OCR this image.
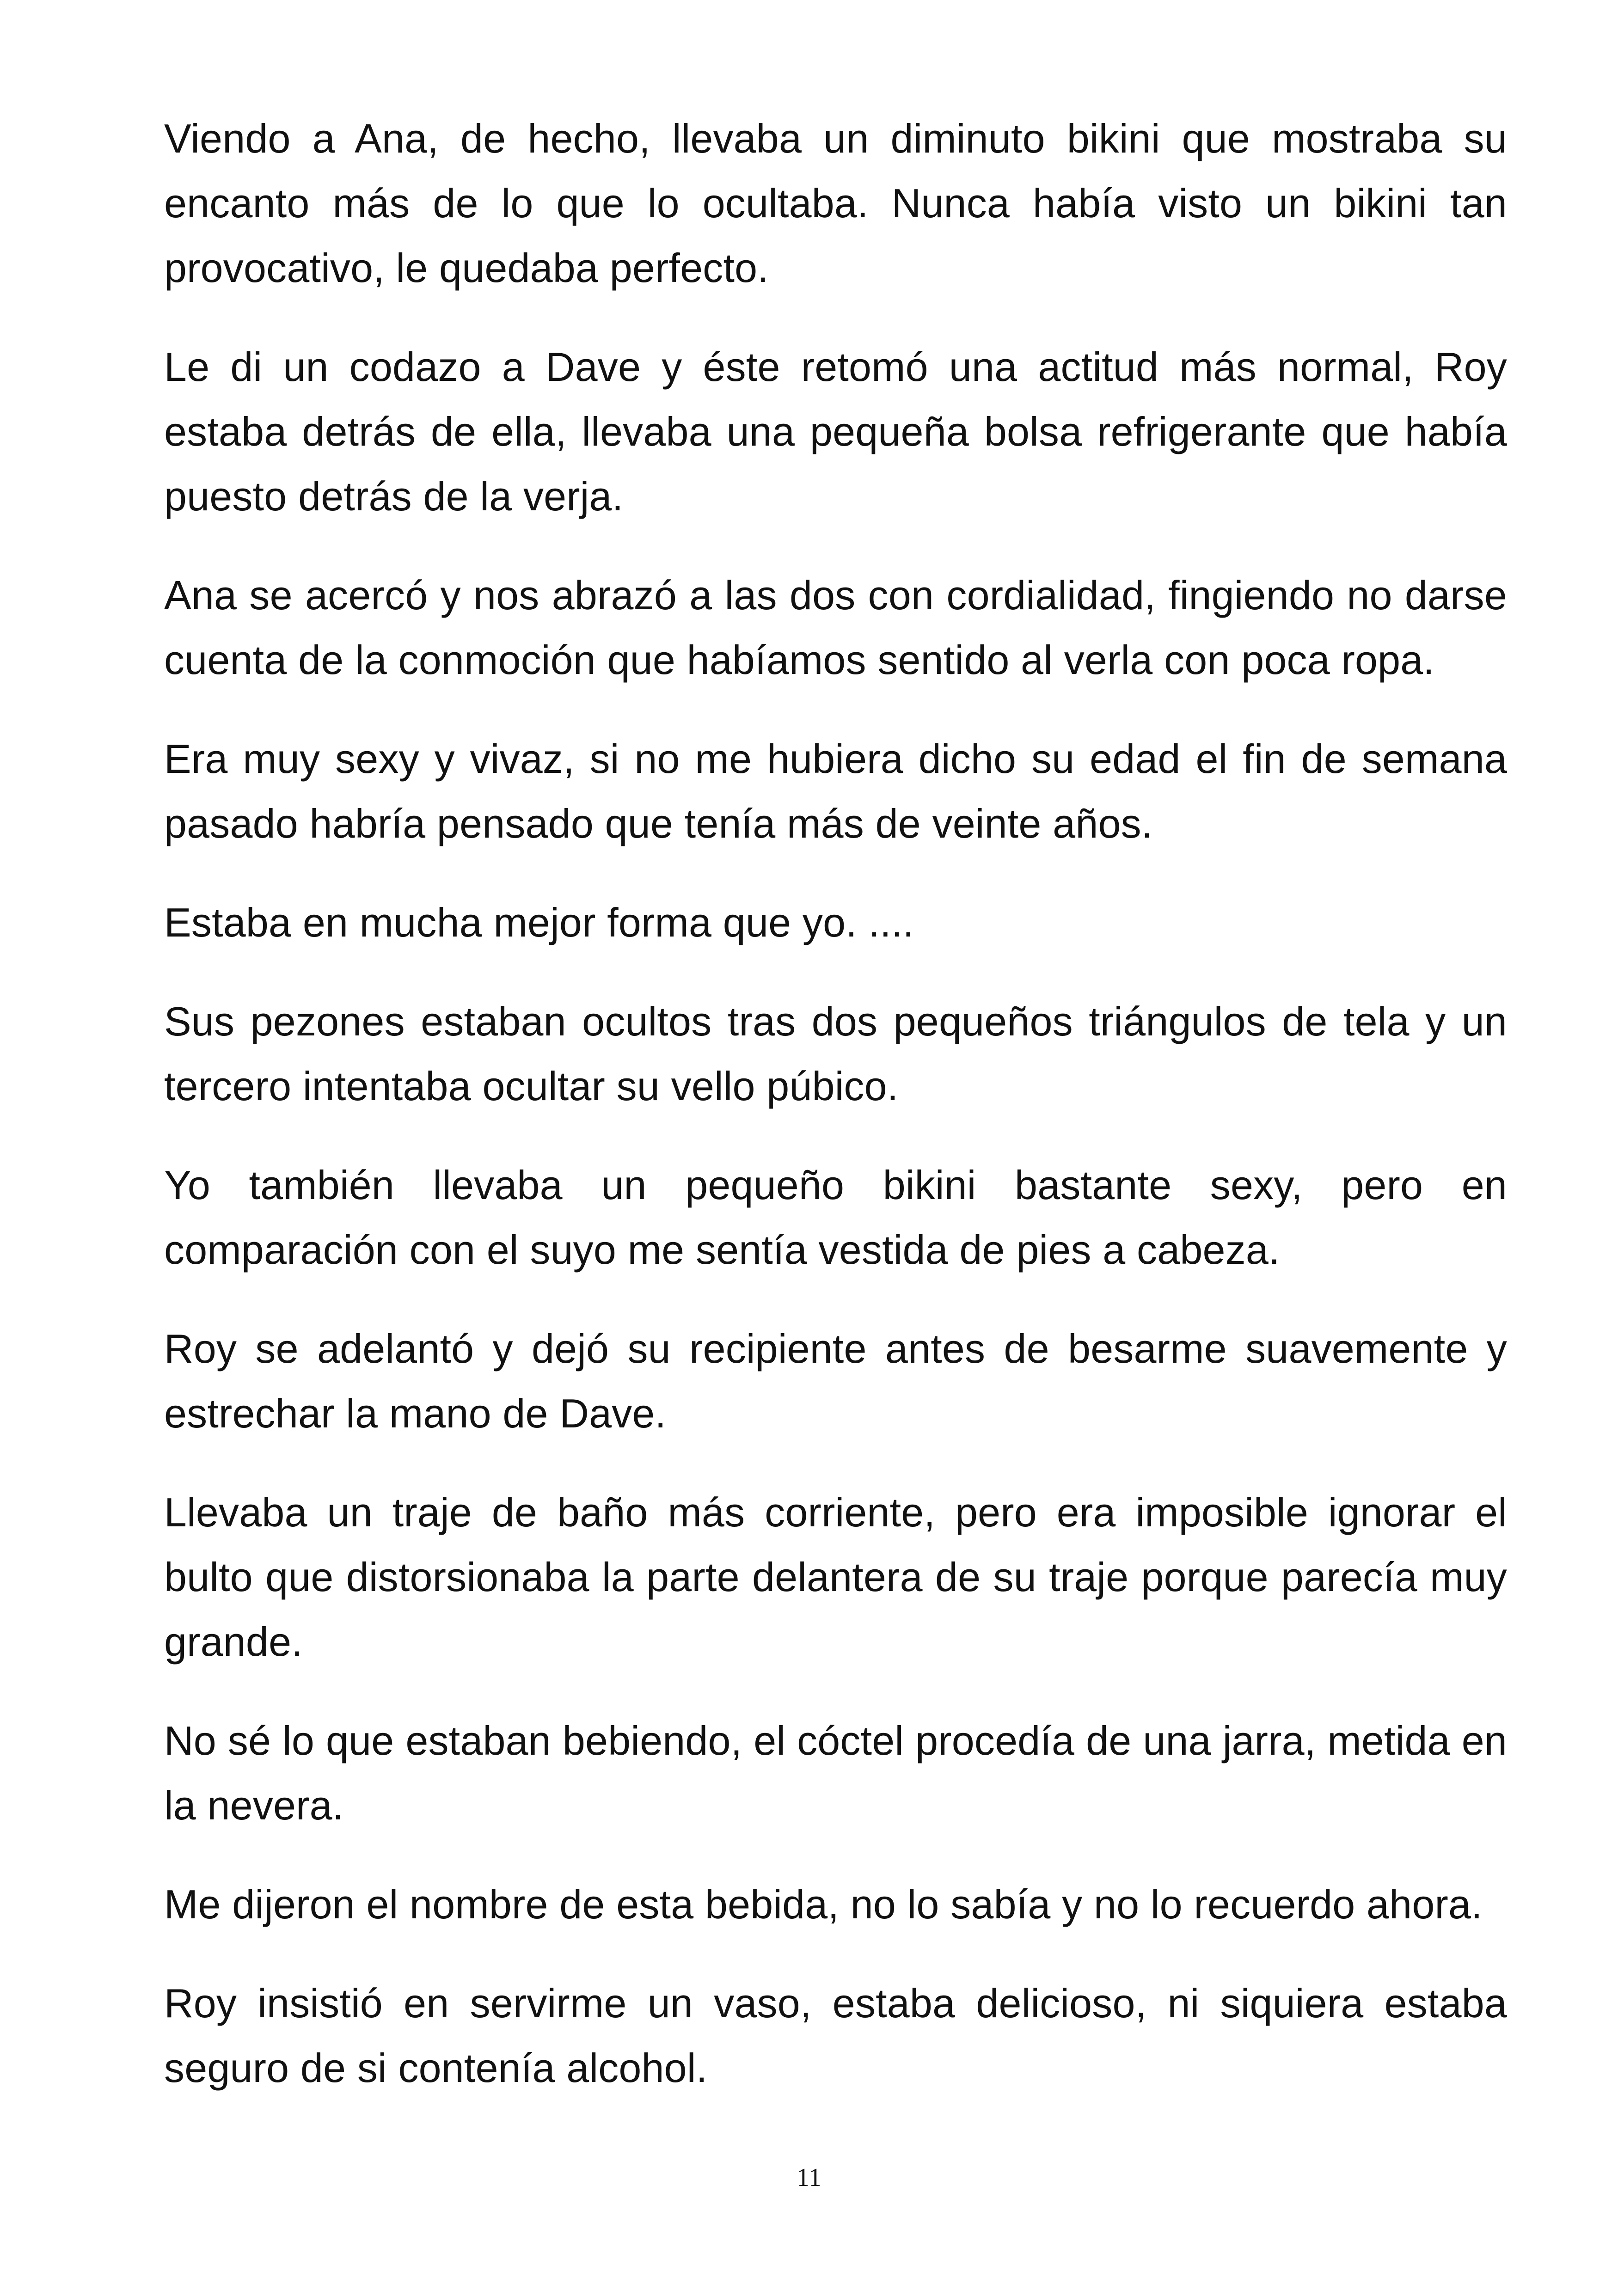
Viendo a Ana, de hecho, llevaba un diminuto bikini que mostraba su encanto más de lo que lo ocultaba. Nunca había visto un bikini tan provocativo, le quedaba perfecto.

Le di un codazo a Dave y éste retomó una actitud más normal, Roy estaba detrás de ella, llevaba una pequeña bolsa refrigerante que había puesto detrás de la verja.

Ana se acercó y nos abrazó a las dos con cordialidad, fingiendo no darse cuenta de la conmoción que habíamos sentido al verla con poca ropa.

Era muy sexy y vivaz, si no me hubiera dicho su edad el fin de semana pasado habría pensado que tenía más de veinte años.

Estaba en mucha mejor forma que yo. ....

Sus pezones estaban ocultos tras dos pequeños triángulos de tela y un tercero intentaba ocultar su vello púbico.

Yo también llevaba un pequeño bikini bastante sexy, pero en comparación con el suyo me sentía vestida de pies a cabeza.

Roy se adelantó y dejó su recipiente antes de besarme suavemente y estrechar la mano de Dave.

Llevaba un traje de baño más corriente, pero era imposible ignorar el bulto que distorsionaba la parte delantera de su traje porque parecía muy grande.

No sé lo que estaban bebiendo, el cóctel procedía de una jarra, metida en la nevera.

Me dijeron el nombre de esta bebida, no lo sabía y no lo recuerdo ahora.

Roy insistió en servirme un vaso, estaba delicioso, ni siquiera estaba seguro de si contenía alcohol.

11
